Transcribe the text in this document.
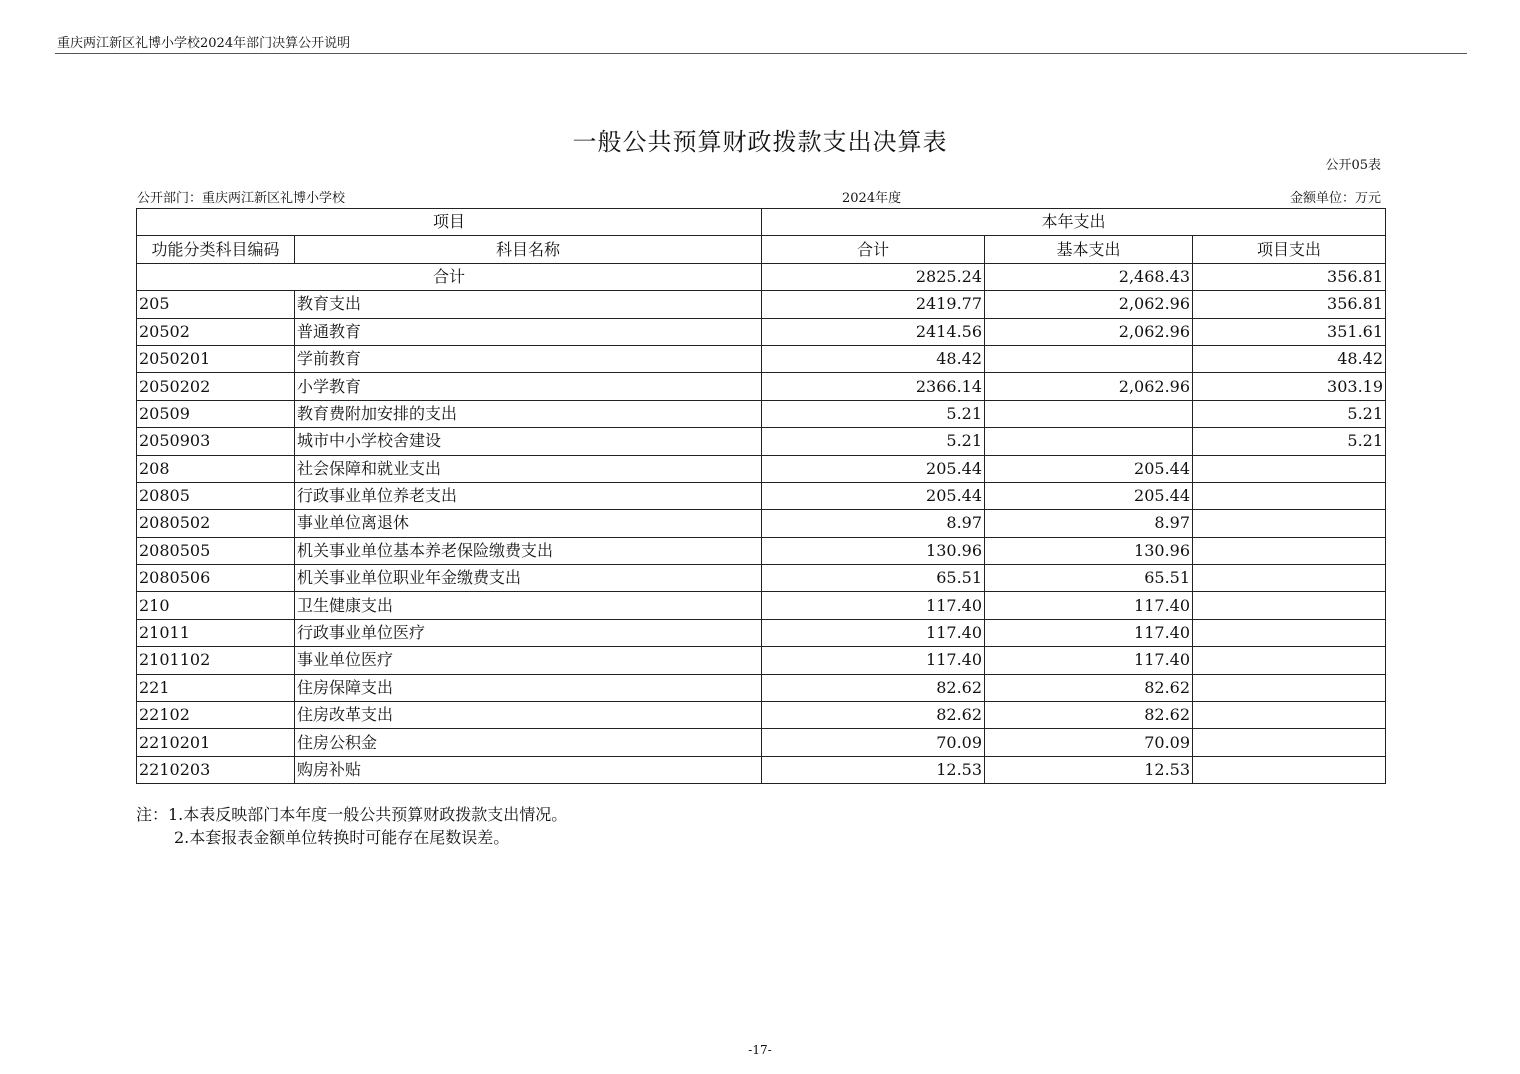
重庆两江新区礼博小学校2024年部门决算公开说明
一般公共预算财政拨款支出决算表
公开05表
公开部门：重庆两江新区礼博小学校	2024年度	金额单位：万元
项目		本年支出		
功能分类科目编码	科目名称	合计	基本支出	项目支出
合计		2825.24	2,468.43	356.81
205	教育支出	2419.77	2,062.96	356.81
20502	普通教育	2414.56	2,062.96	351.61
2050201	学前教育	48.42		48.42
2050202	小学教育	2366.14	2,062.96	303.19
20509	教育费附加安排的支出	5.21		5.21
2050903	城市中小学校舍建设	5.21		5.21
208	社会保障和就业支出	205.44	205.44	
20805	行政事业单位养老支出	205.44	205.44	
2080502	事业单位离退休	8.97	8.97	
2080505	机关事业单位基本养老保险缴费支出	130.96	130.96	
2080506	机关事业单位职业年金缴费支出	65.51	65.51	
210	卫生健康支出	117.40	117.40	
21011	行政事业单位医疗	117.40	117.40	
2101102	事业单位医疗	117.40	117.40	
221	住房保障支出	82.62	82.62	
22102	住房改革支出	82.62	82.62	
2210201	住房公积金	70.09	70.09	
2210203	购房补贴	12.53	12.53	
注：1.本表反映部门本年度一般公共预算财政拨款支出情况。
2.本套报表金额单位转换时可能存在尾数误差。
-17-
